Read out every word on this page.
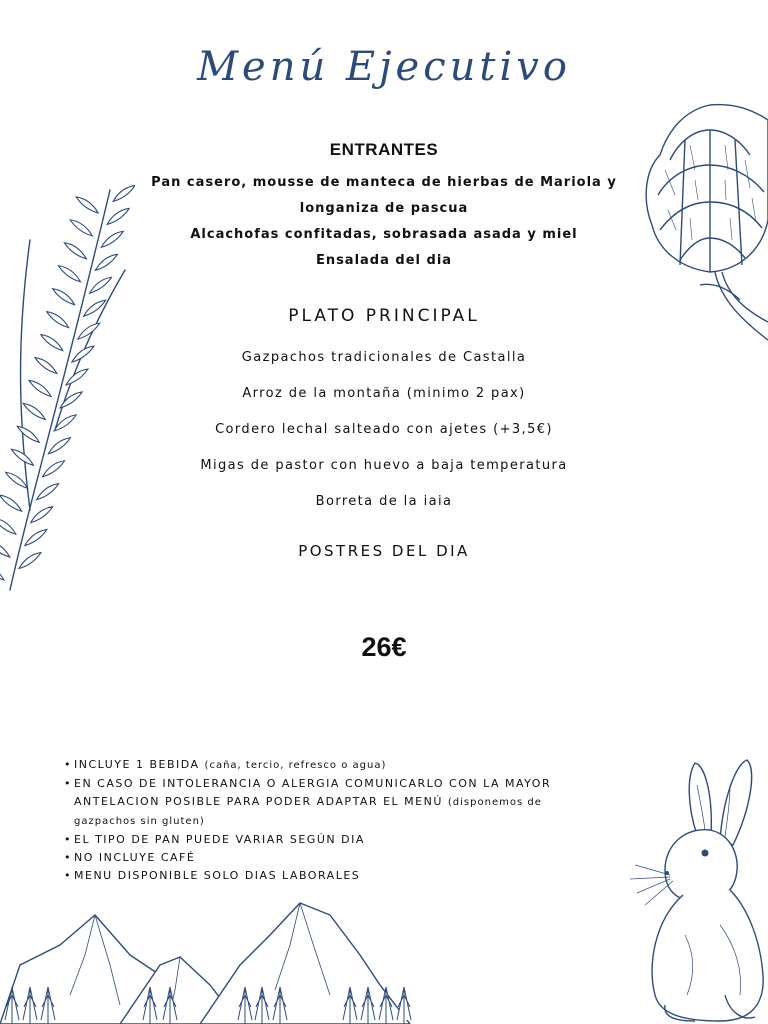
Menú Ejecutivo
ENTRANTES
Pan casero, mousse de manteca de hierbas de Mariola y
longaniza de pascua
Alcachofas confitadas, sobrasada asada y miel
Ensalada del dia
PLATO PRINCIPAL
Gazpachos tradicionales de Castalla
Arroz de la montaña (minimo 2 pax)
Cordero lechal salteado con ajetes (+3,5€)
Migas de pastor con huevo a baja temperatura
Borreta de la iaia
POSTRES DEL DIA
26€
• INCLUYE 1 BEBIDA (caña, tercio, refresco o agua)
• EN CASO DE INTOLERANCIA O ALERGIA COMUNICARLO CON LA MAYOR ANTELACION POSIBLE PARA PODER ADAPTAR EL MENÚ (disponemos de gazpachos sin gluten)
• EL TIPO DE PAN PUEDE VARIAR SEGÚN DIA
• NO INCLUYE CAFÉ
• MENU DISPONIBLE SOLO DIAS LABORALES
